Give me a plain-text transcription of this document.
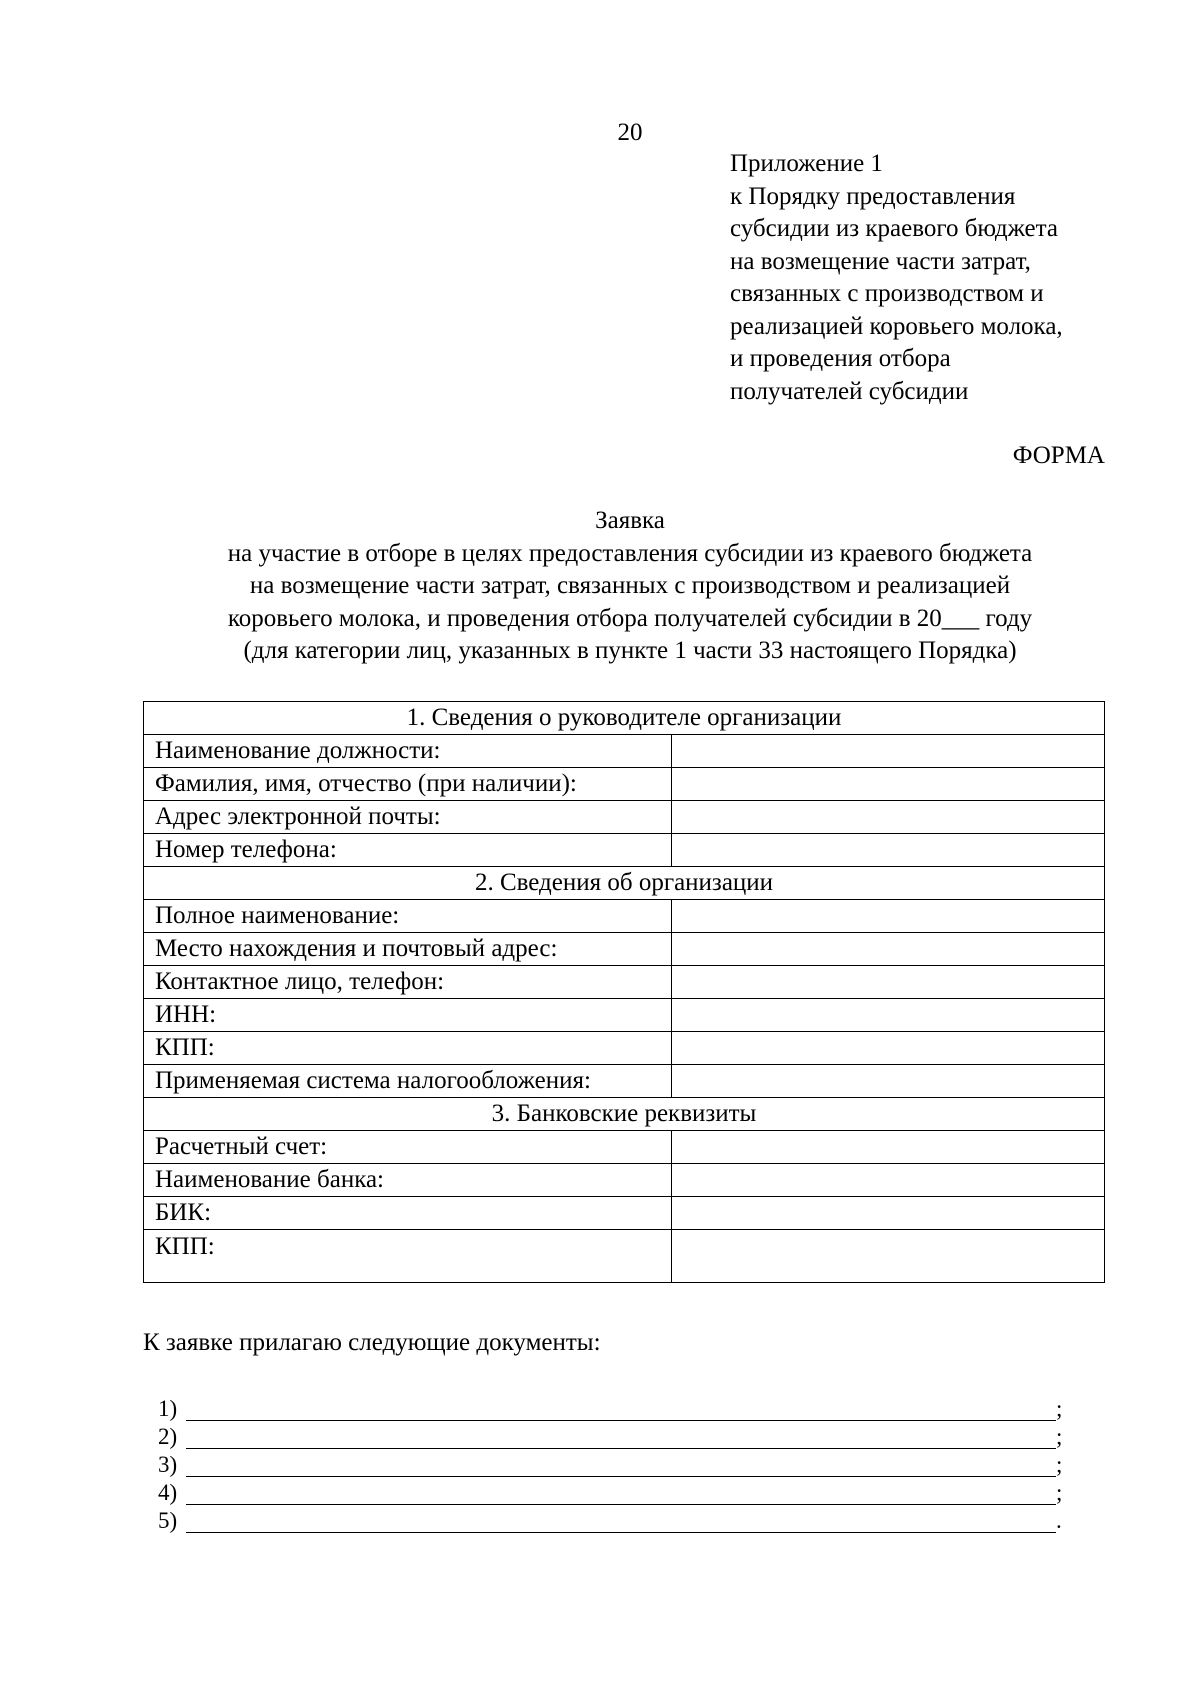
20
Приложение 1
к Порядку предоставления
субсидии из краевого бюджета
на возмещение части затрат,
связанных с производством и
реализацией коровьего молока,
и проведения отбора
получателей субсидии
ФОРМА
Заявка
на участие в отборе в целях предоставления субсидии из краевого бюджета
на возмещение части затрат, связанных с производством и реализацией
коровьего молока, и проведения отбора получателей субсидии в 20___ году
(для категории лиц, указанных в пункте 1 части 33 настоящего Порядка)
1. Сведения о руководителе организации	
Наименование должности:	
Фамилия, имя, отчество (при наличии):	
Адрес электронной почты:	
Номер телефона:	
2. Сведения об организации	
Полное наименование:	
Место нахождения и почтовый адрес:	
Контактное лицо, телефон:	
ИНН:	
КПП:	
Применяемая система налогообложения:	
3. Банковские реквизиты	
Расчетный счет:	
Наименование банка:	
БИК:	
КПП:	
К заявке прилагаю следующие документы:
1)	;
2)	;
3)	;
4)	;
5)	.
